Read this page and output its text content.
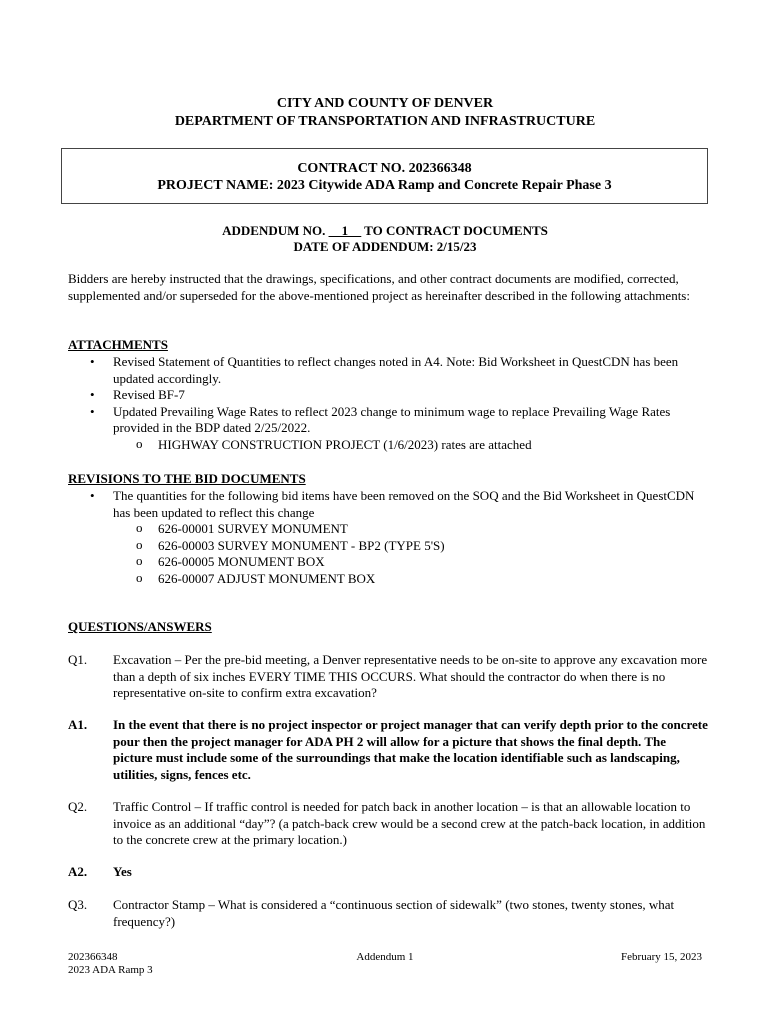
CITY AND COUNTY OF DENVER
DEPARTMENT OF TRANSPORTATION AND INFRASTRUCTURE
CONTRACT NO. 202366348
PROJECT NAME: 2023 Citywide ADA Ramp and Concrete Repair Phase 3
ADDENDUM NO. __1__ TO CONTRACT DOCUMENTS
DATE OF ADDENDUM: 2/15/23
Bidders are hereby instructed that the drawings, specifications, and other contract documents are modified, corrected, supplemented and/or superseded for the above-mentioned project as hereinafter described in the following attachments:
ATTACHMENTS
• Revised Statement of Quantities to reflect changes noted in A4. Note: Bid Worksheet in QuestCDN has been updated accordingly.
• Revised BF-7
• Updated Prevailing Wage Rates to reflect 2023 change to minimum wage to replace Prevailing Wage Rates provided in the BDP dated 2/25/2022.
o HIGHWAY CONSTRUCTION PROJECT (1/6/2023) rates are attached
REVISIONS TO THE BID DOCUMENTS
• The quantities for the following bid items have been removed on the SOQ and the Bid Worksheet in QuestCDN has been updated to reflect this change
o 626-00001 SURVEY MONUMENT
o 626-00003 SURVEY MONUMENT - BP2 (TYPE 5'S)
o 626-00005 MONUMENT BOX
o 626-00007 ADJUST MONUMENT BOX
QUESTIONS/ANSWERS
Q1. Excavation – Per the pre-bid meeting, a Denver representative needs to be on-site to approve any excavation more than a depth of six inches EVERY TIME THIS OCCURS. What should the contractor do when there is no representative on-site to confirm extra excavation?
A1. In the event that there is no project inspector or project manager that can verify depth prior to the concrete pour then the project manager for ADA PH 2 will allow for a picture that shows the final depth. The picture must include some of the surroundings that make the location identifiable such as landscaping, utilities, signs, fences etc.
Q2. Traffic Control – If traffic control is needed for patch back in another location – is that an allowable location to invoice as an additional “day”? (a patch-back crew would be a second crew at the patch-back location, in addition to the concrete crew at the primary location.)
A2. Yes
Q3. Contractor Stamp – What is considered a “continuous section of sidewalk” (two stones, twenty stones, what frequency?)
202366348
2023 ADA Ramp 3
Addendum 1	February 15, 2023
